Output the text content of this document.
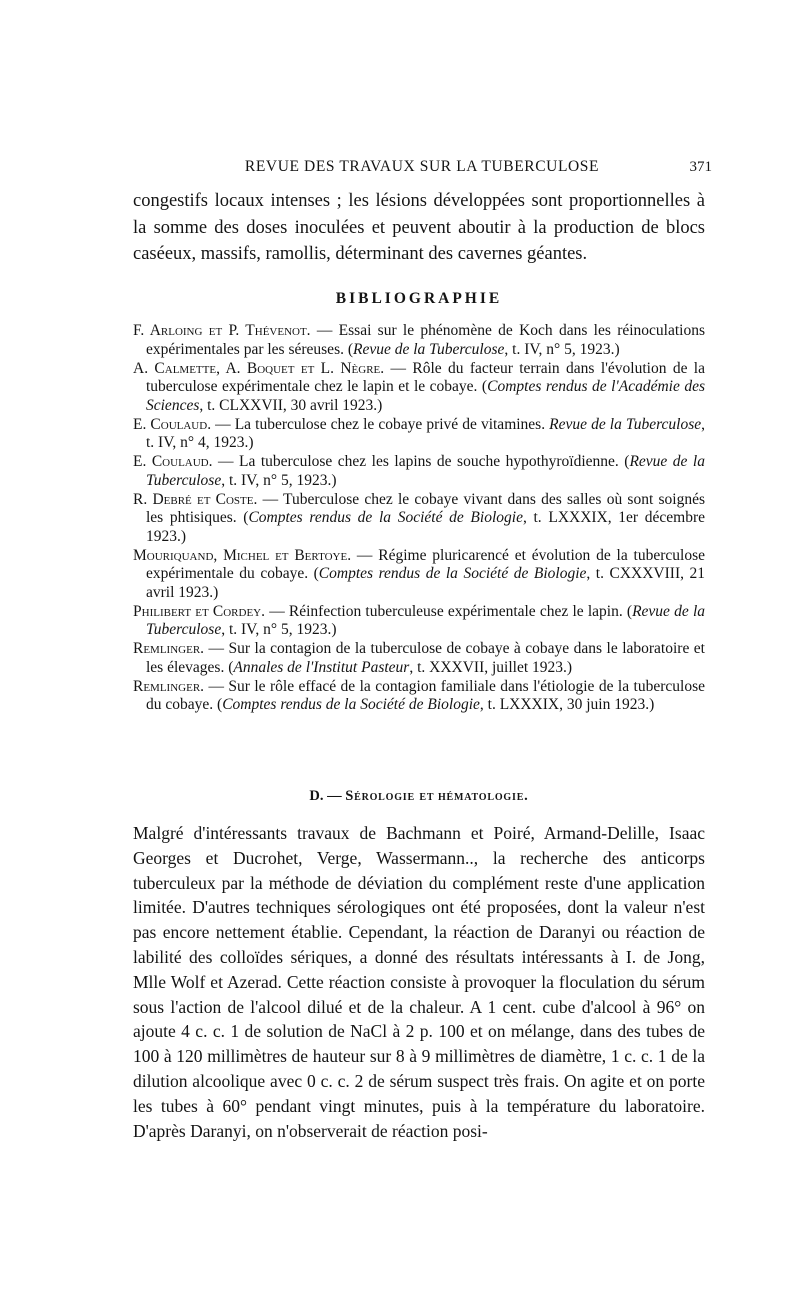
REVUE DES TRAVAUX SUR LA TUBERCULOSE	371

congestifs locaux intenses ; les lésions développées sont proportionnelles à la somme des doses inoculées et peuvent aboutir à la production de blocs caséeux, massifs, ramollis, déterminant des cavernes géantes.

BIBLIOGRAPHIE
F. Arloing et P. Thévenot. — Essai sur le phénomène de Koch dans les réinoculations expérimentales par les séreuses. (Revue de la Tuberculose, t. IV, n° 5, 1923.)
A. Calmette, A. Boquet et L. Nègre. — Rôle du facteur terrain dans l'évolution de la tuberculose expérimentale chez le lapin et le cobaye. (Comptes rendus de l'Académie des Sciences, t. CLXXVII, 30 avril 1923.)
E. Coulaud. — La tuberculose chez le cobaye privé de vitamines. Revue de la Tuberculose, t. IV, n° 4, 1923.)
E. Coulaud. — La tuberculose chez les lapins de souche hypothyroïdienne. (Revue de la Tuberculose, t. IV, n° 5, 1923.)
R. Debré et Coste. — Tuberculose chez le cobaye vivant dans des salles où sont soignés les phtisiques. (Comptes rendus de la Société de Biologie, t. LXXXIX, 1er décembre 1923.)
Mouriquand, Michel et Bertoye. — Régime pluricarencé et évolution de la tuberculose expérimentale du cobaye. (Comptes rendus de la Société de Biologie, t. CXXXVIII, 21 avril 1923.)
Philibert et Cordey. — Réinfection tuberculeuse expérimentale chez le lapin. (Revue de la Tuberculose, t. IV, n° 5, 1923.)
Remlinger. — Sur la contagion de la tuberculose de cobaye à cobaye dans le laboratoire et les élevages. (Annales de l'Institut Pasteur, t. XXXVII, juillet 1923.)
Remlinger. — Sur le rôle effacé de la contagion familiale dans l'étiologie de la tuberculose du cobaye. (Comptes rendus de la Société de Biologie, t. LXXXIX, 30 juin 1923.)
D. — Sérologie et hématologie.

Malgré d'intéressants travaux de Bachmann et Poiré, Armand-Delille, Isaac Georges et Ducrohet, Verge, Wassermann.., la recherche des anticorps tuberculeux par la méthode de déviation du complément reste d'une application limitée. D'autres techniques sérologiques ont été proposées, dont la valeur n'est pas encore nettement établie. Cependant, la réaction de Daranyi ou réaction de labilité des colloïdes sériques, a donné des résultats intéressants à I. de Jong, Mlle Wolf et Azerad. Cette réaction consiste à provoquer la floculation du sérum sous l'action de l'alcool dilué et de la chaleur. A 1 cent. cube d'alcool à 96° on ajoute 4 c. c. 1 de solution de NaCl à 2 p. 100 et on mélange, dans des tubes de 100 à 120 millimètres de hauteur sur 8 à 9 millimètres de diamètre, 1 c. c. 1 de la dilution alcoolique avec 0 c. c. 2 de sérum suspect très frais. On agite et on porte les tubes à 60° pendant vingt minutes, puis à la température du laboratoire. D'après Daranyi, on n'observerait de réaction posi-
